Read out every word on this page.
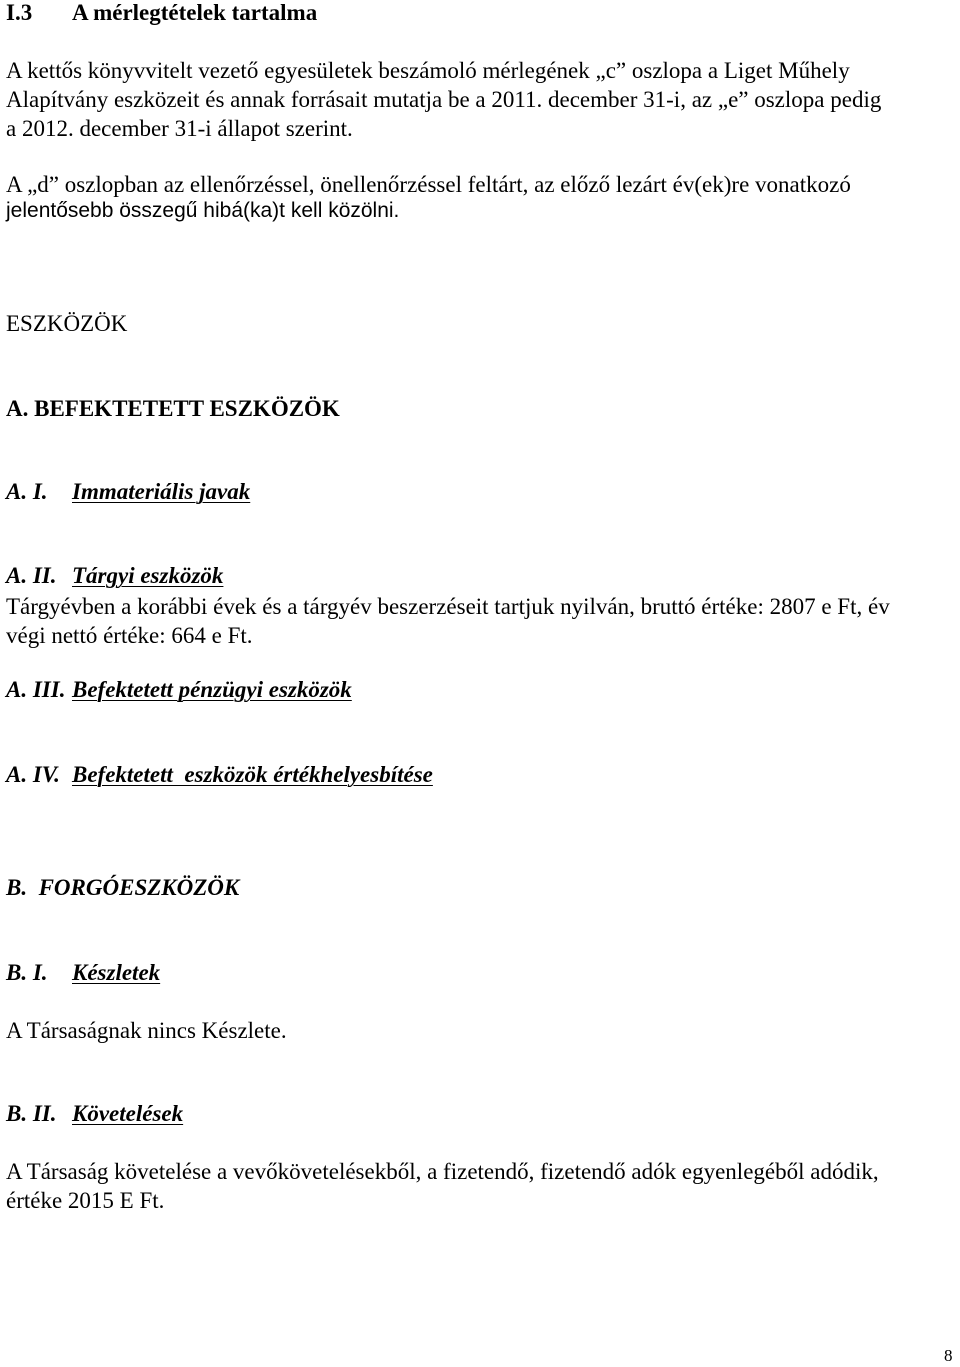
I.3 A mérlegtételek tartalma
A kettős könyvvitelt vezető egyesületek beszámoló mérlegének „c” oszlopa a Liget Műhely
Alapítvány eszközeit és annak forrásait mutatja be a 2011. december 31-i, az „e” oszlopa pedig
a 2012. december 31-i állapot szerint.
A „d” oszlopban az ellenőrzéssel, önellenőrzéssel feltárt, az előző lezárt év(ek)re vonatkozó
jelentősebb összegű hibá(ka)t kell közölni.
ESZKÖZÖK
A. BEFEKTETETT ESZKÖZÖK
A. I. Immateriális javak
A. II. Tárgyi eszközök
Tárgyévben a korábbi évek és a tárgyév beszerzéseit tartjuk nyilván, bruttó értéke: 2807 e Ft, év
végi nettó értéke: 664 e Ft.
A. III. Befektetett pénzügyi eszközök
A. IV. Befektetett  eszközök értékhelyesbítése
B.  FORGÓESZKÖZÖK
B. I. Készletek
A Társaságnak nincs Készlete.
B. II. Követelések
A Társaság követelése a vevőkövetelésekből, a fizetendő, fizetendő adók egyenlegéből adódik,
értéke 2015 E Ft.
8
